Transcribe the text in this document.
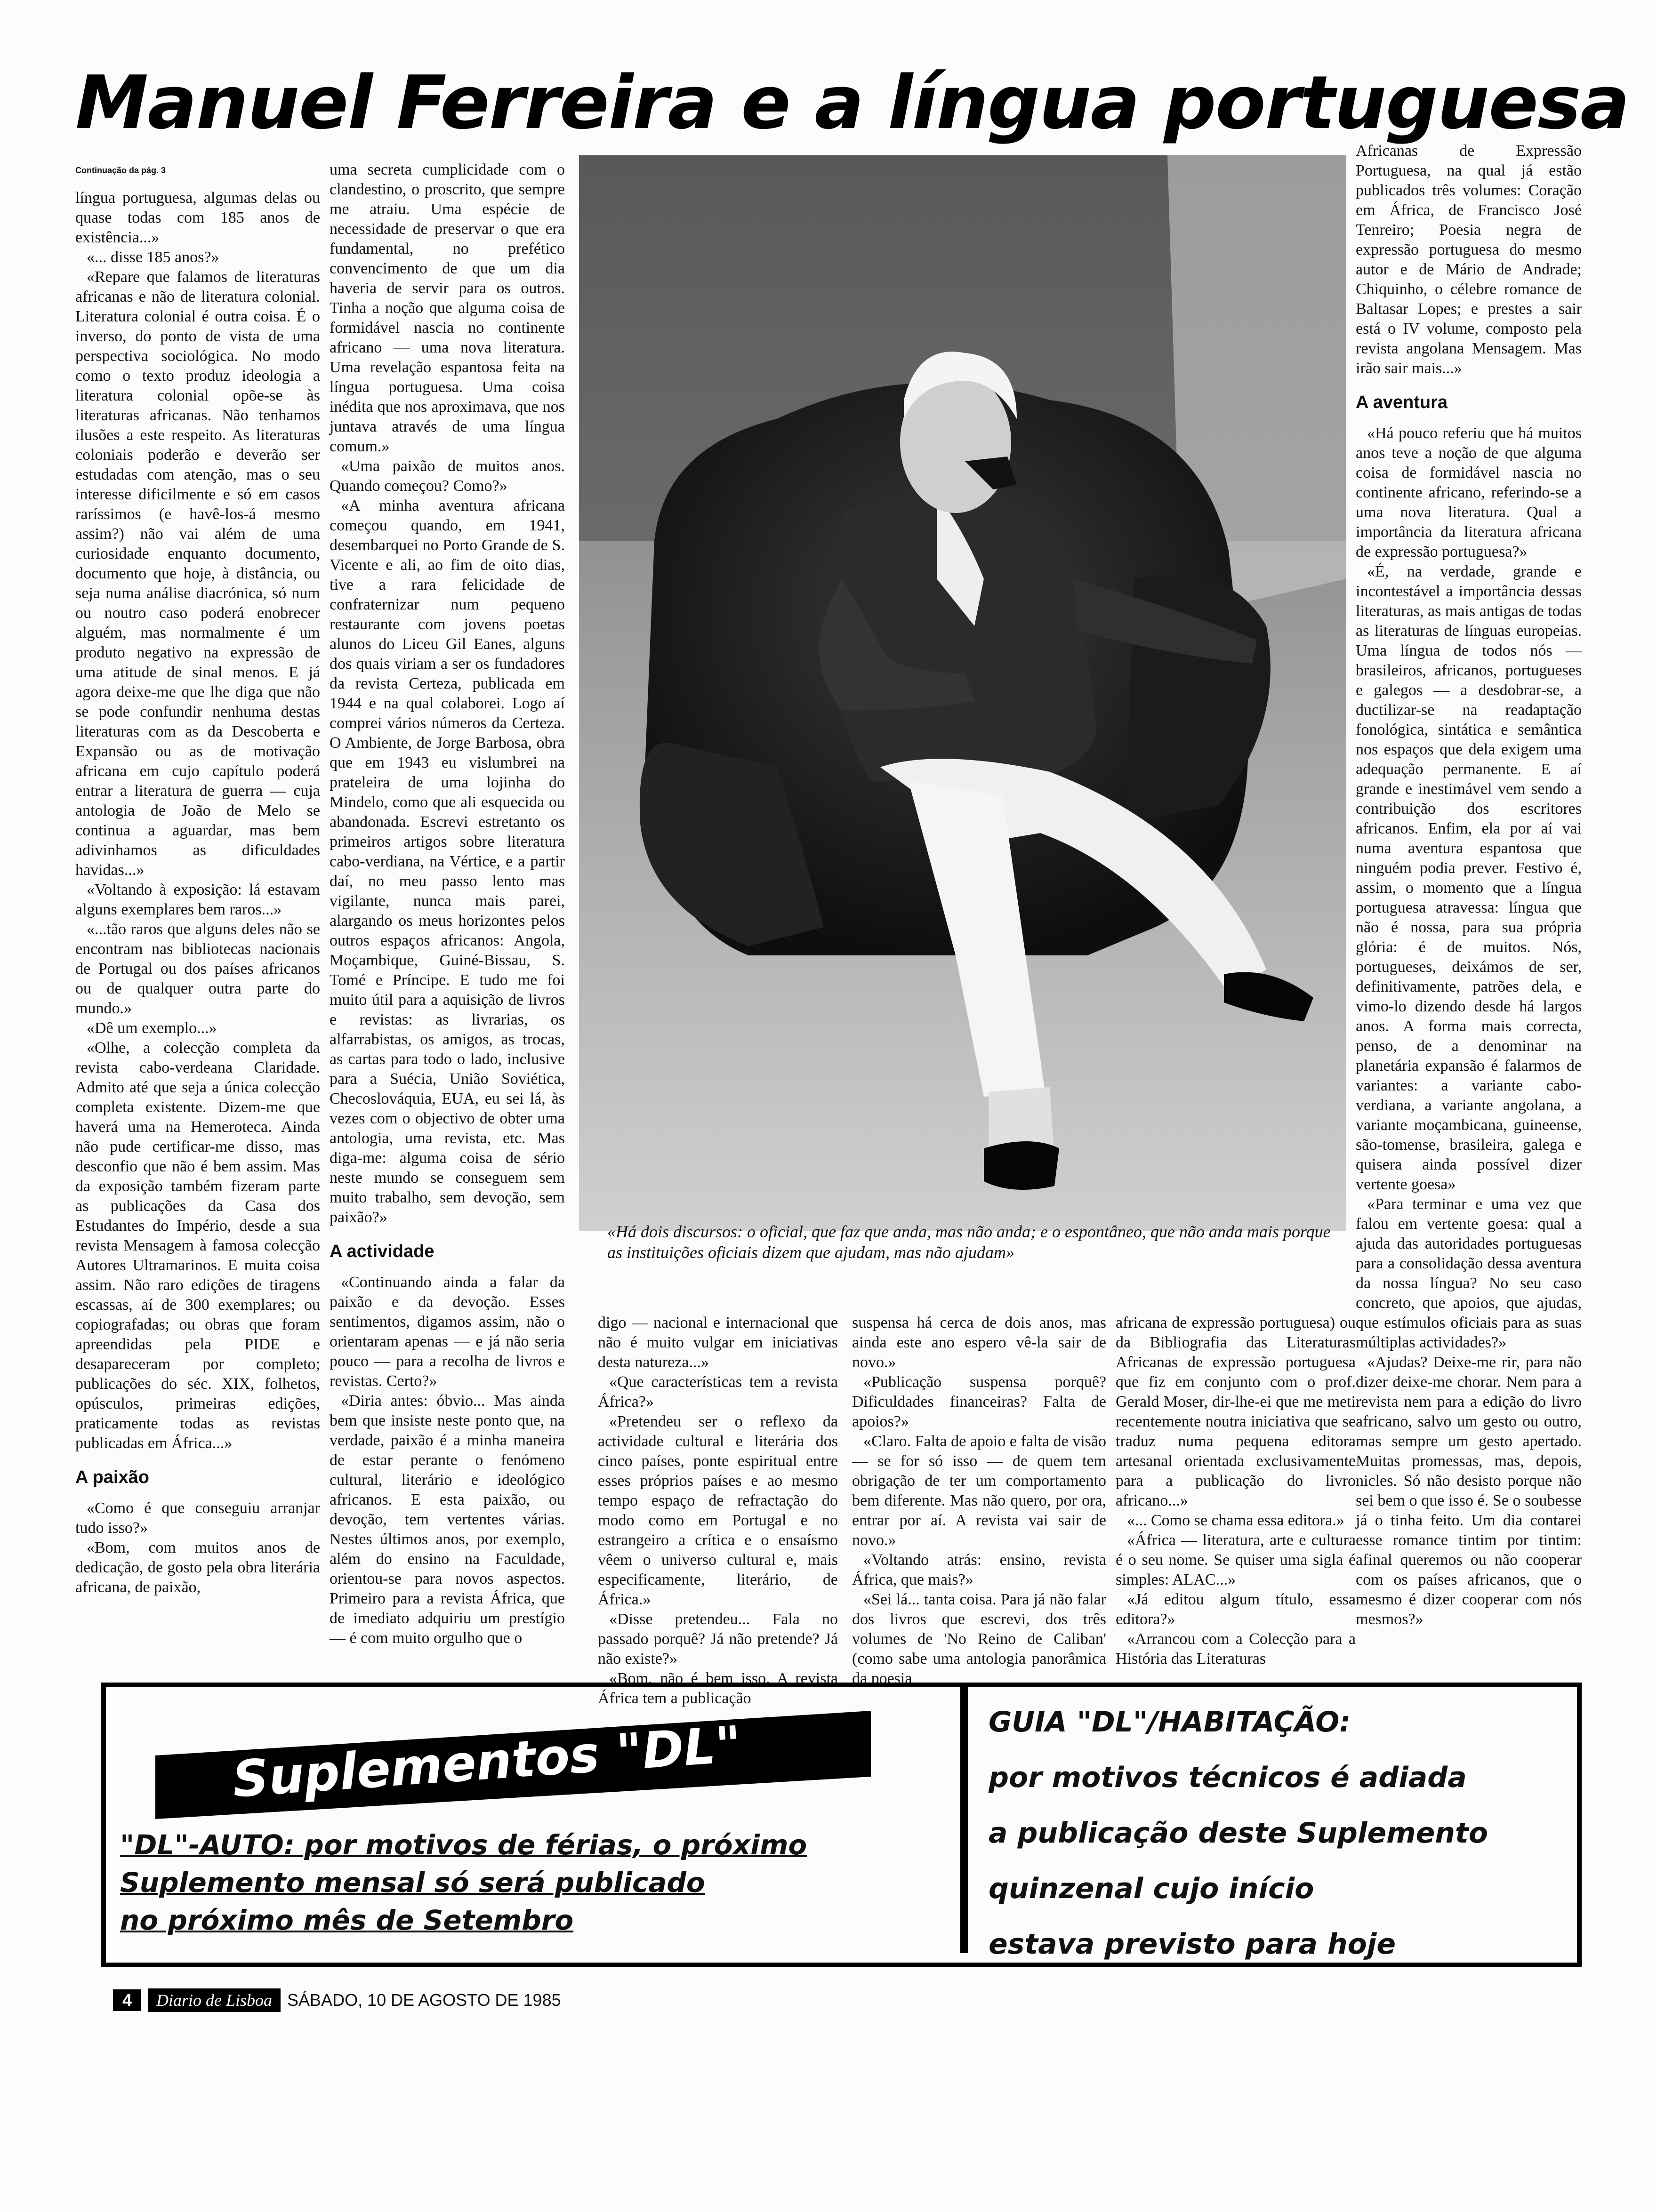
Manuel Ferreira e a língua portuguesa
Continuação da pág. 3

língua portuguesa, algumas delas ou quase todas com 185 anos de existência...»

«... disse 185 anos?»

«Repare que falamos de literaturas africanas e não de literatura colonial. Literatura colonial é outra coisa. É o inverso, do ponto de vista de uma perspectiva sociológica. No modo como o texto produz ideologia a literatura colonial opõe-se às literaturas africanas. Não tenhamos ilusões a este respeito. As literaturas coloniais poderão e deverão ser estudadas com atenção, mas o seu interesse dificilmente e só em casos raríssimos (e havê-los-á mesmo assim?) não vai além de uma curiosidade enquanto documento, documento que hoje, à distância, ou seja numa análise diacrónica, só num ou noutro caso poderá enobrecer alguém, mas normalmente é um produto negativo na expressão de uma atitude de sinal menos. E já agora deixe-me que lhe diga que não se pode confundir nenhuma destas literaturas com as da Descoberta e Expansão ou as de motivação africana em cujo capítulo poderá entrar a literatura de guerra — cuja antologia de João de Melo se continua a aguardar, mas bem adivinhamos as dificuldades havidas...»

«Voltando à exposição: lá estavam alguns exemplares bem raros...»

«...tão raros que alguns deles não se encontram nas bibliotecas nacionais de Portugal ou dos países africanos ou de qualquer outra parte do mundo.»

«Dê um exemplo...»

«Olhe, a colecção completa da revista cabo-verdeana Claridade. Admito até que seja a única colecção completa existente. Dizem-me que haverá uma na Hemeroteca. Ainda não pude certificar-me disso, mas desconfio que não é bem assim. Mas da exposição também fizeram parte as publicações da Casa dos Estudantes do Império, desde a sua revista Mensagem à famosa colecção Autores Ultramarinos. E muita coisa assim. Não raro edições de tiragens escassas, aí de 300 exemplares; ou copiografadas; ou obras que foram apreendidas pela PIDE e desapareceram por completo; publicações do séc. XIX, folhetos, opúsculos, primeiras edições, praticamente todas as revistas publicadas em África...»

A paixão

«Como é que conseguiu arranjar tudo isso?»

«Bom, com muitos anos de dedicação, de gosto pela obra literária africana, de paixão,

uma secreta cumplicidade com o clandestino, o proscrito, que sempre me atraiu. Uma espécie de necessidade de preservar o que era fundamental, no prefético convencimento de que um dia haveria de servir para os outros. Tinha a noção que alguma coisa de formidável nascia no continente africano — uma nova literatura. Uma revelação espantosa feita na língua portuguesa. Uma coisa inédita que nos aproximava, que nos juntava através de uma língua comum.»

«Uma paixão de muitos anos. Quando começou? Como?»

«A minha aventura africana começou quando, em 1941, desembarquei no Porto Grande de S. Vicente e ali, ao fim de oito dias, tive a rara felicidade de confraternizar num pequeno restaurante com jovens poetas alunos do Liceu Gil Eanes, alguns dos quais viriam a ser os fundadores da revista Certeza, publicada em 1944 e na qual colaborei. Logo aí comprei vários números da Certeza. O Ambiente, de Jorge Barbosa, obra que em 1943 eu vislumbrei na prateleira de uma lojinha do Mindelo, como que ali esquecida ou abandonada. Escrevi estretanto os primeiros artigos sobre literatura cabo-verdiana, na Vértice, e a partir daí, no meu passo lento mas vigilante, nunca mais parei, alargando os meus horizontes pelos outros espaços africanos: Angola, Moçambique, Guiné-Bissau, S. Tomé e Príncipe. E tudo me foi muito útil para a aquisição de livros e revistas: as livrarias, os alfarrabistas, os amigos, as trocas, as cartas para todo o lado, inclusive para a Suécia, União Soviética, Checoslováquia, EUA, eu sei lá, às vezes com o objectivo de obter uma antologia, uma revista, etc. Mas diga-me: alguma coisa de sério neste mundo se conseguem sem muito trabalho, sem devoção, sem paixão?»

A actividade

«Continuando ainda a falar da paixão e da devoção. Esses sentimentos, digamos assim, não o orientaram apenas — e já não seria pouco — para a recolha de livros e revistas. Certo?»

«Diria antes: óbvio... Mas ainda bem que insiste neste ponto que, na verdade, paixão é a minha maneira de estar perante o fenómeno cultural, literário e ideológico africanos. E esta paixão, ou devoção, tem vertentes várias. Nestes últimos anos, por exemplo, além do ensino na Faculdade, orientou-se para novos aspectos. Primeiro para a revista África, que de imediato adquiriu um prestígio — é com muito orgulho que o

«Há dois discursos: o oficial, que faz que anda, mas não anda; e o espontâneo, que não anda mais porque as instituições oficiais dizem que ajudam, mas não ajudam»

Africanas de Expressão Portuguesa, na qual já estão publicados três volumes: Coração em África, de Francisco José Tenreiro; Poesia negra de expressão portuguesa do mesmo autor e de Mário de Andrade; Chiquinho, o célebre romance de Baltasar Lopes; e prestes a sair está o IV volume, composto pela revista angolana Mensagem. Mas irão sair mais...»

A aventura

«Há pouco referiu que há muitos anos teve a noção de que alguma coisa de formidável nascia no continente africano, referindo-se a uma nova literatura. Qual a importância da literatura africana de expressão portuguesa?»

«É, na verdade, grande e incontestável a importância dessas literaturas, as mais antigas de todas as literaturas de línguas europeias. Uma língua de todos nós — brasileiros, africanos, portugueses e galegos — a desdobrar-se, a ductilizar-se na readaptação fonológica, sintática e semântica nos espaços que dela exigem uma adequação permanente. E aí grande e inestimável vem sendo a contribuição dos escritores africanos. Enfim, ela por aí vai numa aventura espantosa que ninguém podia prever. Festivo é, assim, o momento que a língua portuguesa atravessa: língua que não é nossa, para sua própria glória: é de muitos. Nós, portugueses, deixámos de ser, definitivamente, patrões dela, e vimo-lo dizendo desde há largos anos. A forma mais correcta, penso, de a denominar na planetária expansão é falarmos de variantes: a variante cabo-verdiana, a variante angolana, a variante moçambicana, guineense, são-tomense, brasileira, galega e quisera ainda possível dizer vertente goesa»

«Para terminar e uma vez que falou em vertente goesa: qual a ajuda das autoridades portuguesas para a consolidação dessa aventura da nossa língua? No seu caso concreto, que apoios, que ajudas, que estímulos oficiais para as suas múltiplas actividades?»

«Ajudas? Deixe-me rir, para não dizer deixe-me chorar. Nem para a revista nem para a edição do livro africano, salvo um gesto ou outro, mas sempre um gesto apertado. Muitas promessas, mas, depois, nicles. Só não desisto porque não sei bem o que isso é. Se o soubesse já o tinha feito. Um dia contarei esse romance tintim por tintim: afinal queremos ou não cooperar com os países africanos, que o mesmo é dizer cooperar com nós mesmos?»

digo — nacional e internacional que não é muito vulgar em iniciativas desta natureza...»

«Que características tem a revista África?»

«Pretendeu ser o reflexo da actividade cultural e literária dos cinco países, ponte espiritual entre esses próprios países e ao mesmo tempo espaço de refractação do modo como em Portugal e no estrangeiro a crítica e o ensaísmo vêem o universo cultural e, mais especificamente, literário, de África.»

«Disse pretendeu... Fala no passado porquê? Já não pretende? Já não existe?»

«Bom, não é bem isso. A revista África tem a publicação

suspensa há cerca de dois anos, mas ainda este ano espero vê-la sair de novo.»

«Publicação suspensa porquê? Dificuldades financeiras? Falta de apoios?»

«Claro. Falta de apoio e falta de visão — se for só isso — de quem tem obrigação de ter um comportamento bem diferente. Mas não quero, por ora, entrar por aí. A revista vai sair de novo.»

«Voltando atrás: ensino, revista África, que mais?»

«Sei lá... tanta coisa. Para já não falar dos livros que escrevi, dos três volumes de 'No Reino de Caliban' (como sabe uma antologia panorâmica da poesia

africana de expressão portuguesa) ou da Bibliografia das Literaturas Africanas de expressão portuguesa que fiz em conjunto com o prof. Gerald Moser, dir-lhe-ei que me meti recentemente noutra iniciativa que se traduz numa pequena editora artesanal orientada exclusivamente para a publicação do livro africano...»

«... Como se chama essa editora.»

«África — literatura, arte e cultura é o seu nome. Se quiser uma sigla é simples: ALAC...»

«Já editou algum título, essa editora?»

«Arrancou com a Colecção para a História das Literaturas

Suplementos "DL"
"DL"-AUTO: por motivos de férias, o próximo
Suplemento mensal só será publicado
no próximo mês de Setembro
GUIA "DL"/HABITAÇÃO:
por motivos técnicos é adiada
a publicação deste Suplemento
quinzenal cujo início
estava previsto para hoje
4	Diario de Lisboa SÁBADO, 10 DE AGOSTO DE 1985
